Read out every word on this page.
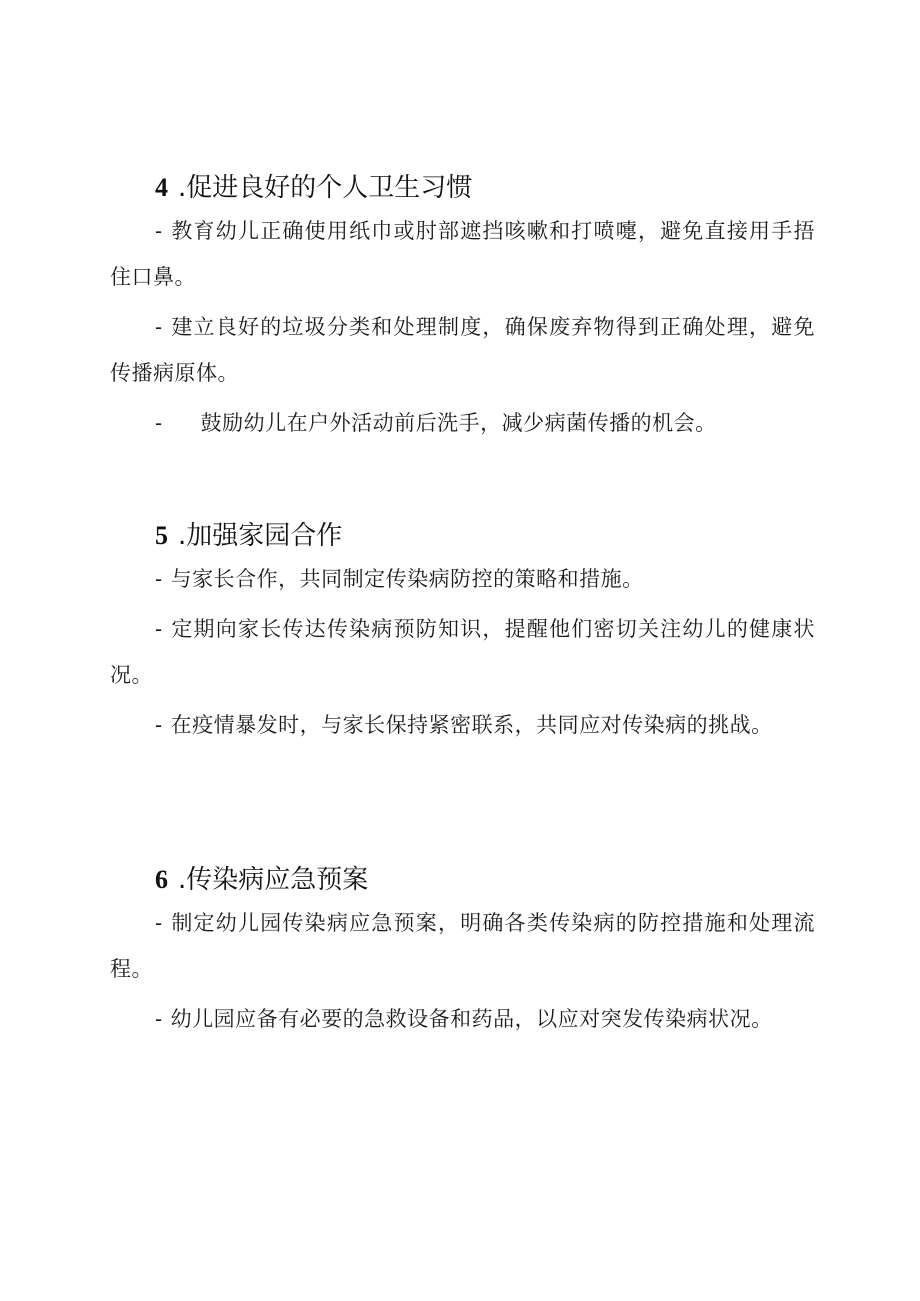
4 .促进良好的个人卫生习惯

- 教育幼儿正确使用纸巾或肘部遮挡咳嗽和打喷嚏，避免直接用手捂住口鼻。

- 建立良好的垃圾分类和处理制度，确保废弃物得到正确处理，避免传播病原体。

- 鼓励幼儿在户外活动前后洗手，减少病菌传播的机会。

5 .加强家园合作

- 与家长合作，共同制定传染病防控的策略和措施。

- 定期向家长传达传染病预防知识，提醒他们密切关注幼儿的健康状况。

- 在疫情暴发时，与家长保持紧密联系，共同应对传染病的挑战。

6 .传染病应急预案

- 制定幼儿园传染病应急预案，明确各类传染病的防控措施和处理流程。

- 幼儿园应备有必要的急救设备和药品，以应对突发传染病状况。
